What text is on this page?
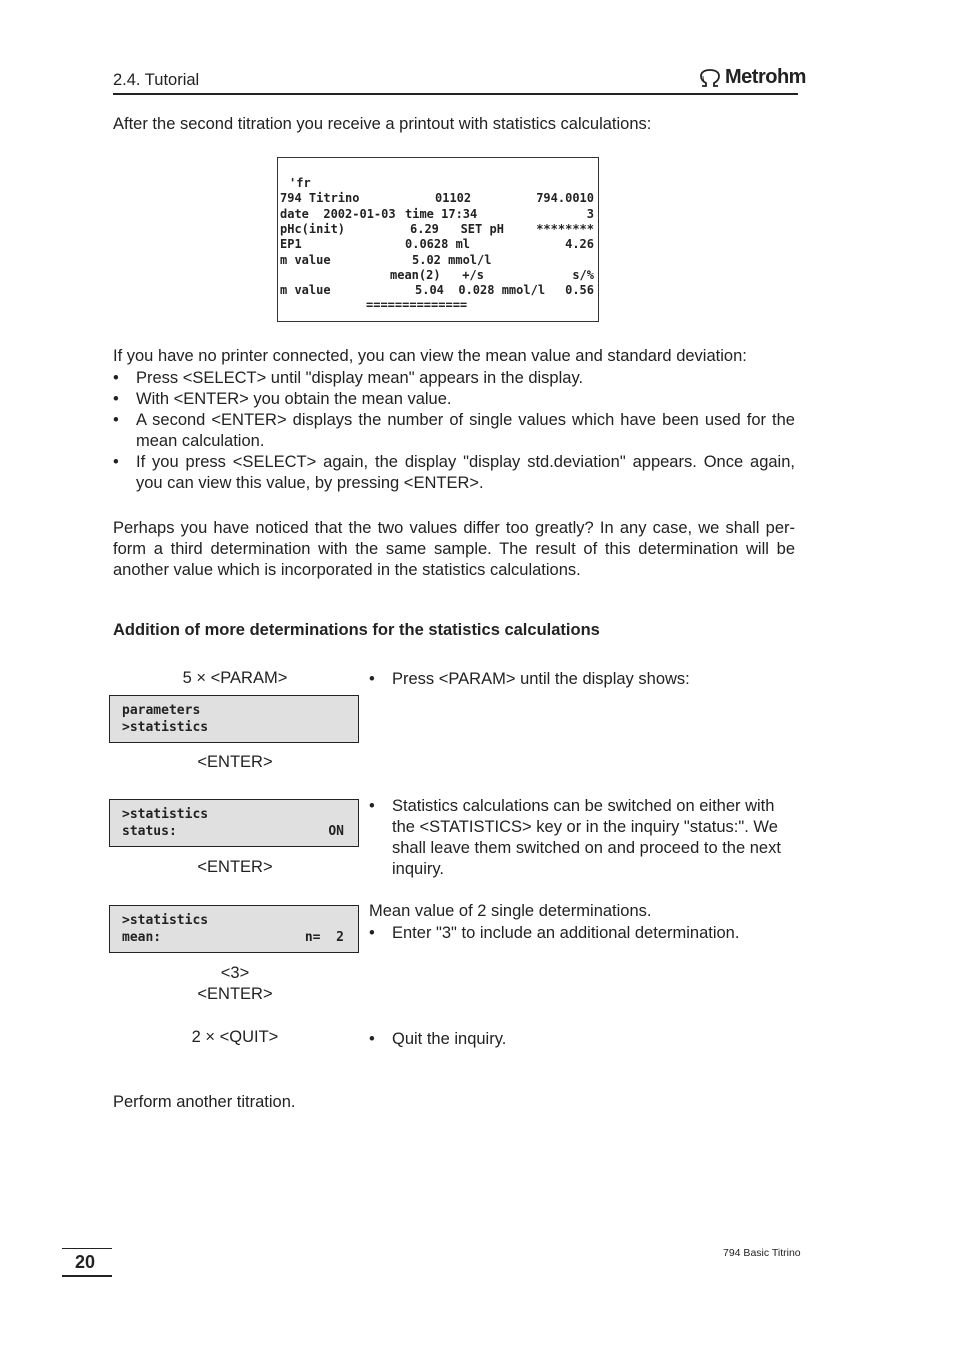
2.4. Tutorial	Metrohm
After the second titration you receive a printout with statistics calculations:
'fr
794 Titrino	01102	794.0010
date  2002-01-03 time 17:34	3
pHc(init)	6.29   SET pH	********
EP1	0.0628 ml	4.26
m value	5.02 mmol/l
mean(2)   +/s	s/%
m value	5.04  0.028 mmol/l 0.56
==============
If you have no printer connected, you can view the mean value and standard deviation:
• Press <SELECT> until "display mean" appears in the display.
• With <ENTER> you obtain the mean value.
• A second <ENTER> displays the number of single values which have been used for the mean calculation.
• If you press <SELECT> again, the display "display std.deviation" appears. Once again, you can view this value, by pressing <ENTER>.
Perhaps you have noticed that the two values differ too greatly? In any case, we shall per-form a third determination with the same sample. The result of this determination will be another value which is incorporated in the statistics calculations.
Addition of more determinations for the statistics calculations
5 × <PARAM>	• Press <PARAM> until the display shows:
parameters
>statistics
<ENTER>
>statistics
status:	ON
• Statistics calculations can be switched on either with the <STATISTICS> key or in the inquiry "status:". We shall leave them switched on and proceed to the next inquiry.
<ENTER>
>statistics
mean:	n=  2
Mean value of 2 single determinations.
• Enter "3" to include an additional determination.
<3>
<ENTER>
2 × <QUIT>	• Quit the inquiry.
Perform another titration.
20	794 Basic Titrino
